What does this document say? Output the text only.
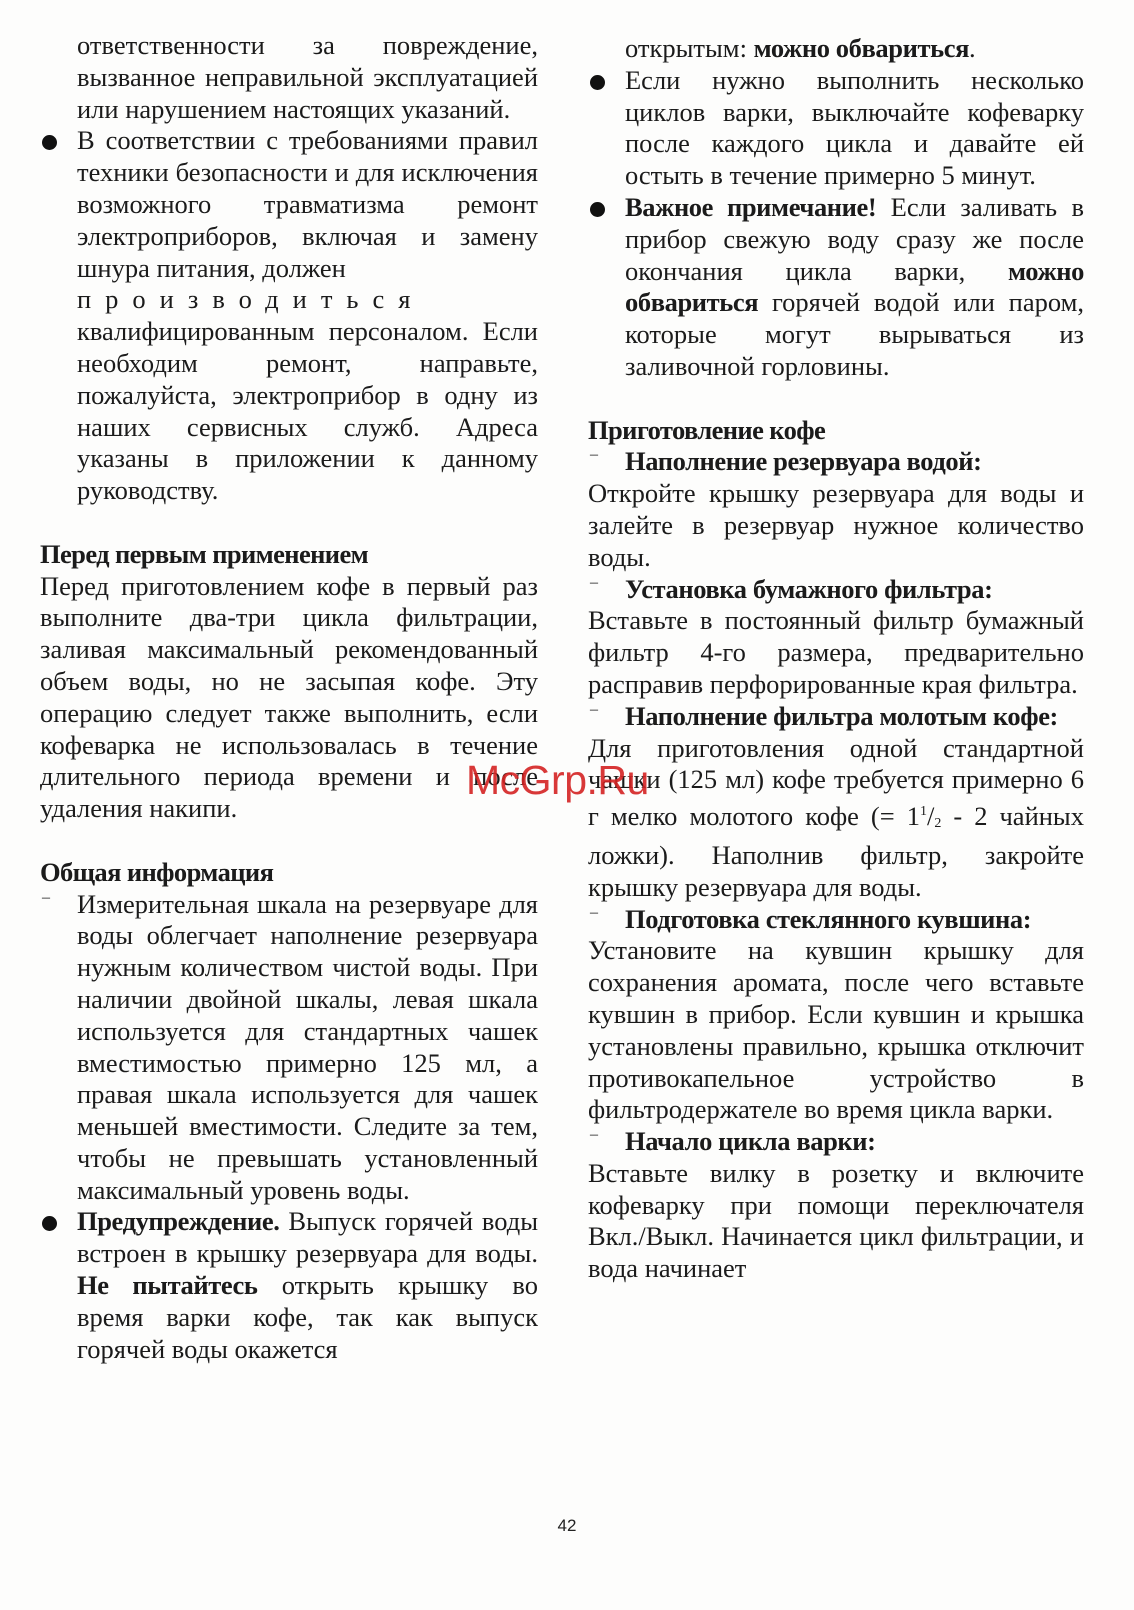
ответственности за повреждение, вызванное неправильной эксплуатацией или нарушением настоящих указаний.

В соответствии с требованиями правил техники безопасности и для исключения возможного травматизма ремонт электроприборов, включая и замену шнура питания, должен

производиться

квалифицированным персоналом. Если необходим ремонт, направьте, пожалуйста, электроприбор в одну из наших сервисных служб. Адреса указаны в приложении к данному руководству.

Перед первым применением

Перед приготовлением кофе в первый раз выполните два-три цикла фильтрации, заливая максимальный рекомендованный объем воды, но не засыпая кофе. Эту операцию следует также выполнить, если кофеварка не использовалась в течение длительного периода времени и после удаления накипи.

Общая информация

– Измерительная шкала на резервуаре для воды облегчает наполнение резервуара нужным количеством чистой воды. При наличии двойной шкалы, левая шкала используется для стандартных чашек вместимостью примерно 125 мл, а правая шкала используется для чашек меньшей вместимости. Следите за тем, чтобы не превышать установленный максимальный уровень воды.

Предупреждение. Выпуск горячей воды встроен в крышку резервуара для воды. Не пытайтесь открыть крышку во время варки кофе, так как выпуск горячей воды окажется

открытым: можно обвариться.

Если нужно выполнить несколько циклов варки, выключайте кофеварку после каждого цикла и давайте ей остыть в течение примерно 5 минут.

Важное примечание! Если заливать в прибор свежую воду сразу же после окончания цикла варки, можно обвариться горячей водой или паром, которые могут вырываться из заливочной горловины.

Приготовление кофе

– Наполнение резервуара водой:

Откройте крышку резервуара для воды и залейте в резервуар нужное количество воды.

– Установка бумажного фильтра:

Вставьте в постоянный фильтр бумажный фильтр 4-го размера, предварительно расправив перфорированные края фильтра.

– Наполнение фильтра молотым кофе:

Для приготовления одной стандартной чашки (125 мл) кофе требуется примерно 6 г мелко молотого кофе (= $1^1/2 - 2$ чайных ложки). Наполнив фильтр, закройте крышку резервуара для воды.

– Подготовка стеклянного кувшина:

Установите на кувшин крышку для сохранения аромата, после чего вставьте кувшин в прибор. Если кувшин и крышка установлены правильно, крышка отключит противокапельное устройство в фильтродержателе во время цикла варки.

– Начало цикла варки:

Вставьте вилку в розетку и включите кофеварку при помощи переключателя Вкл./Выкл. Начинается цикл фильтрации, и вода начинает

McGrp.Ru

42
